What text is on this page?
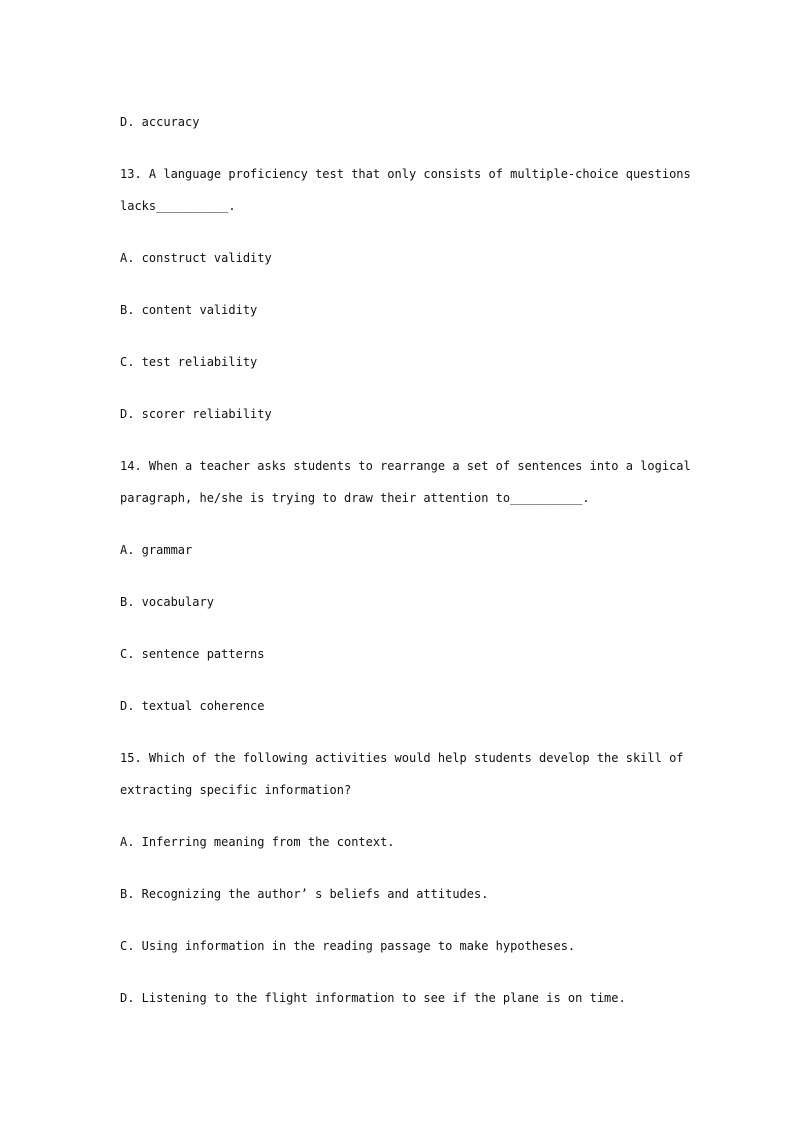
D. accuracy
13. A language proficiency test that only consists of multiple-choice questions
lacks__________.
A. construct validity
B. content validity
C. test reliability
D. scorer reliability
14. When a teacher asks students to rearrange a set of sentences into a logical
paragraph, he/she is trying to draw their attention to__________.
A. grammar
B. vocabulary
C. sentence patterns
D. textual coherence
15. Which of the following activities would help students develop the skill of
extracting specific information?
A. Inferring meaning from the context.
B. Recognizing the author’ s beliefs and attitudes.
C. Using information in the reading passage to make hypotheses.
D. Listening to the flight information to see if the plane is on time.
